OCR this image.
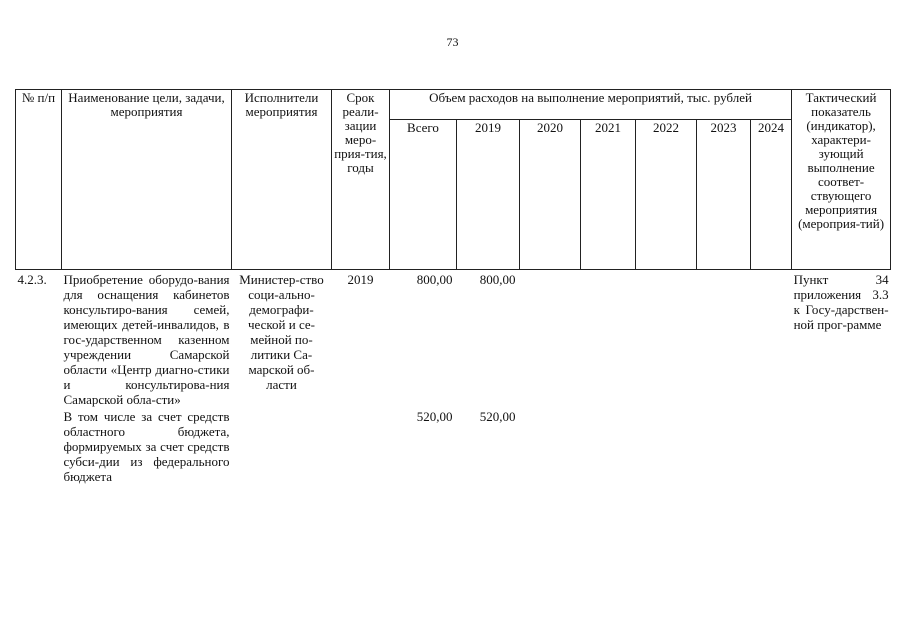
73
№ п/п	Наименование цели, задачи, мероприятия	Исполнители мероприятия	Срок реали-зации меро-прия-тия, годы	Объем расходов на выполнение мероприятий, тыс. рублей							Тактический показатель (индикатор), характери-зующий выполнение соответ-ствующего мероприятия (мероприя-тий)
				Всего	2019	2020	2021	2022	2023	2024	
4.2.3.	Приобретение оборудо-вания для оснащения кабинетов консультиро-вания семей, имеющих детей-инвалидов, в гос-ударственном казенном учреждении Самарской области «Центр диагно-стики и консультирова-ния Самарской обла-сти»	Министер-ство соци-ально-демографи-ческой и се-мейной по-литики Са-марской об-ласти	2019	800,00	800,00						Пункт 34 приложения 3.3 к Госу-дарствен-ной прог-рамме
	В том числе за счет средств областного бюджета, формируемых за счет средств субси-дии из федерального бюджета			520,00	520,00						
